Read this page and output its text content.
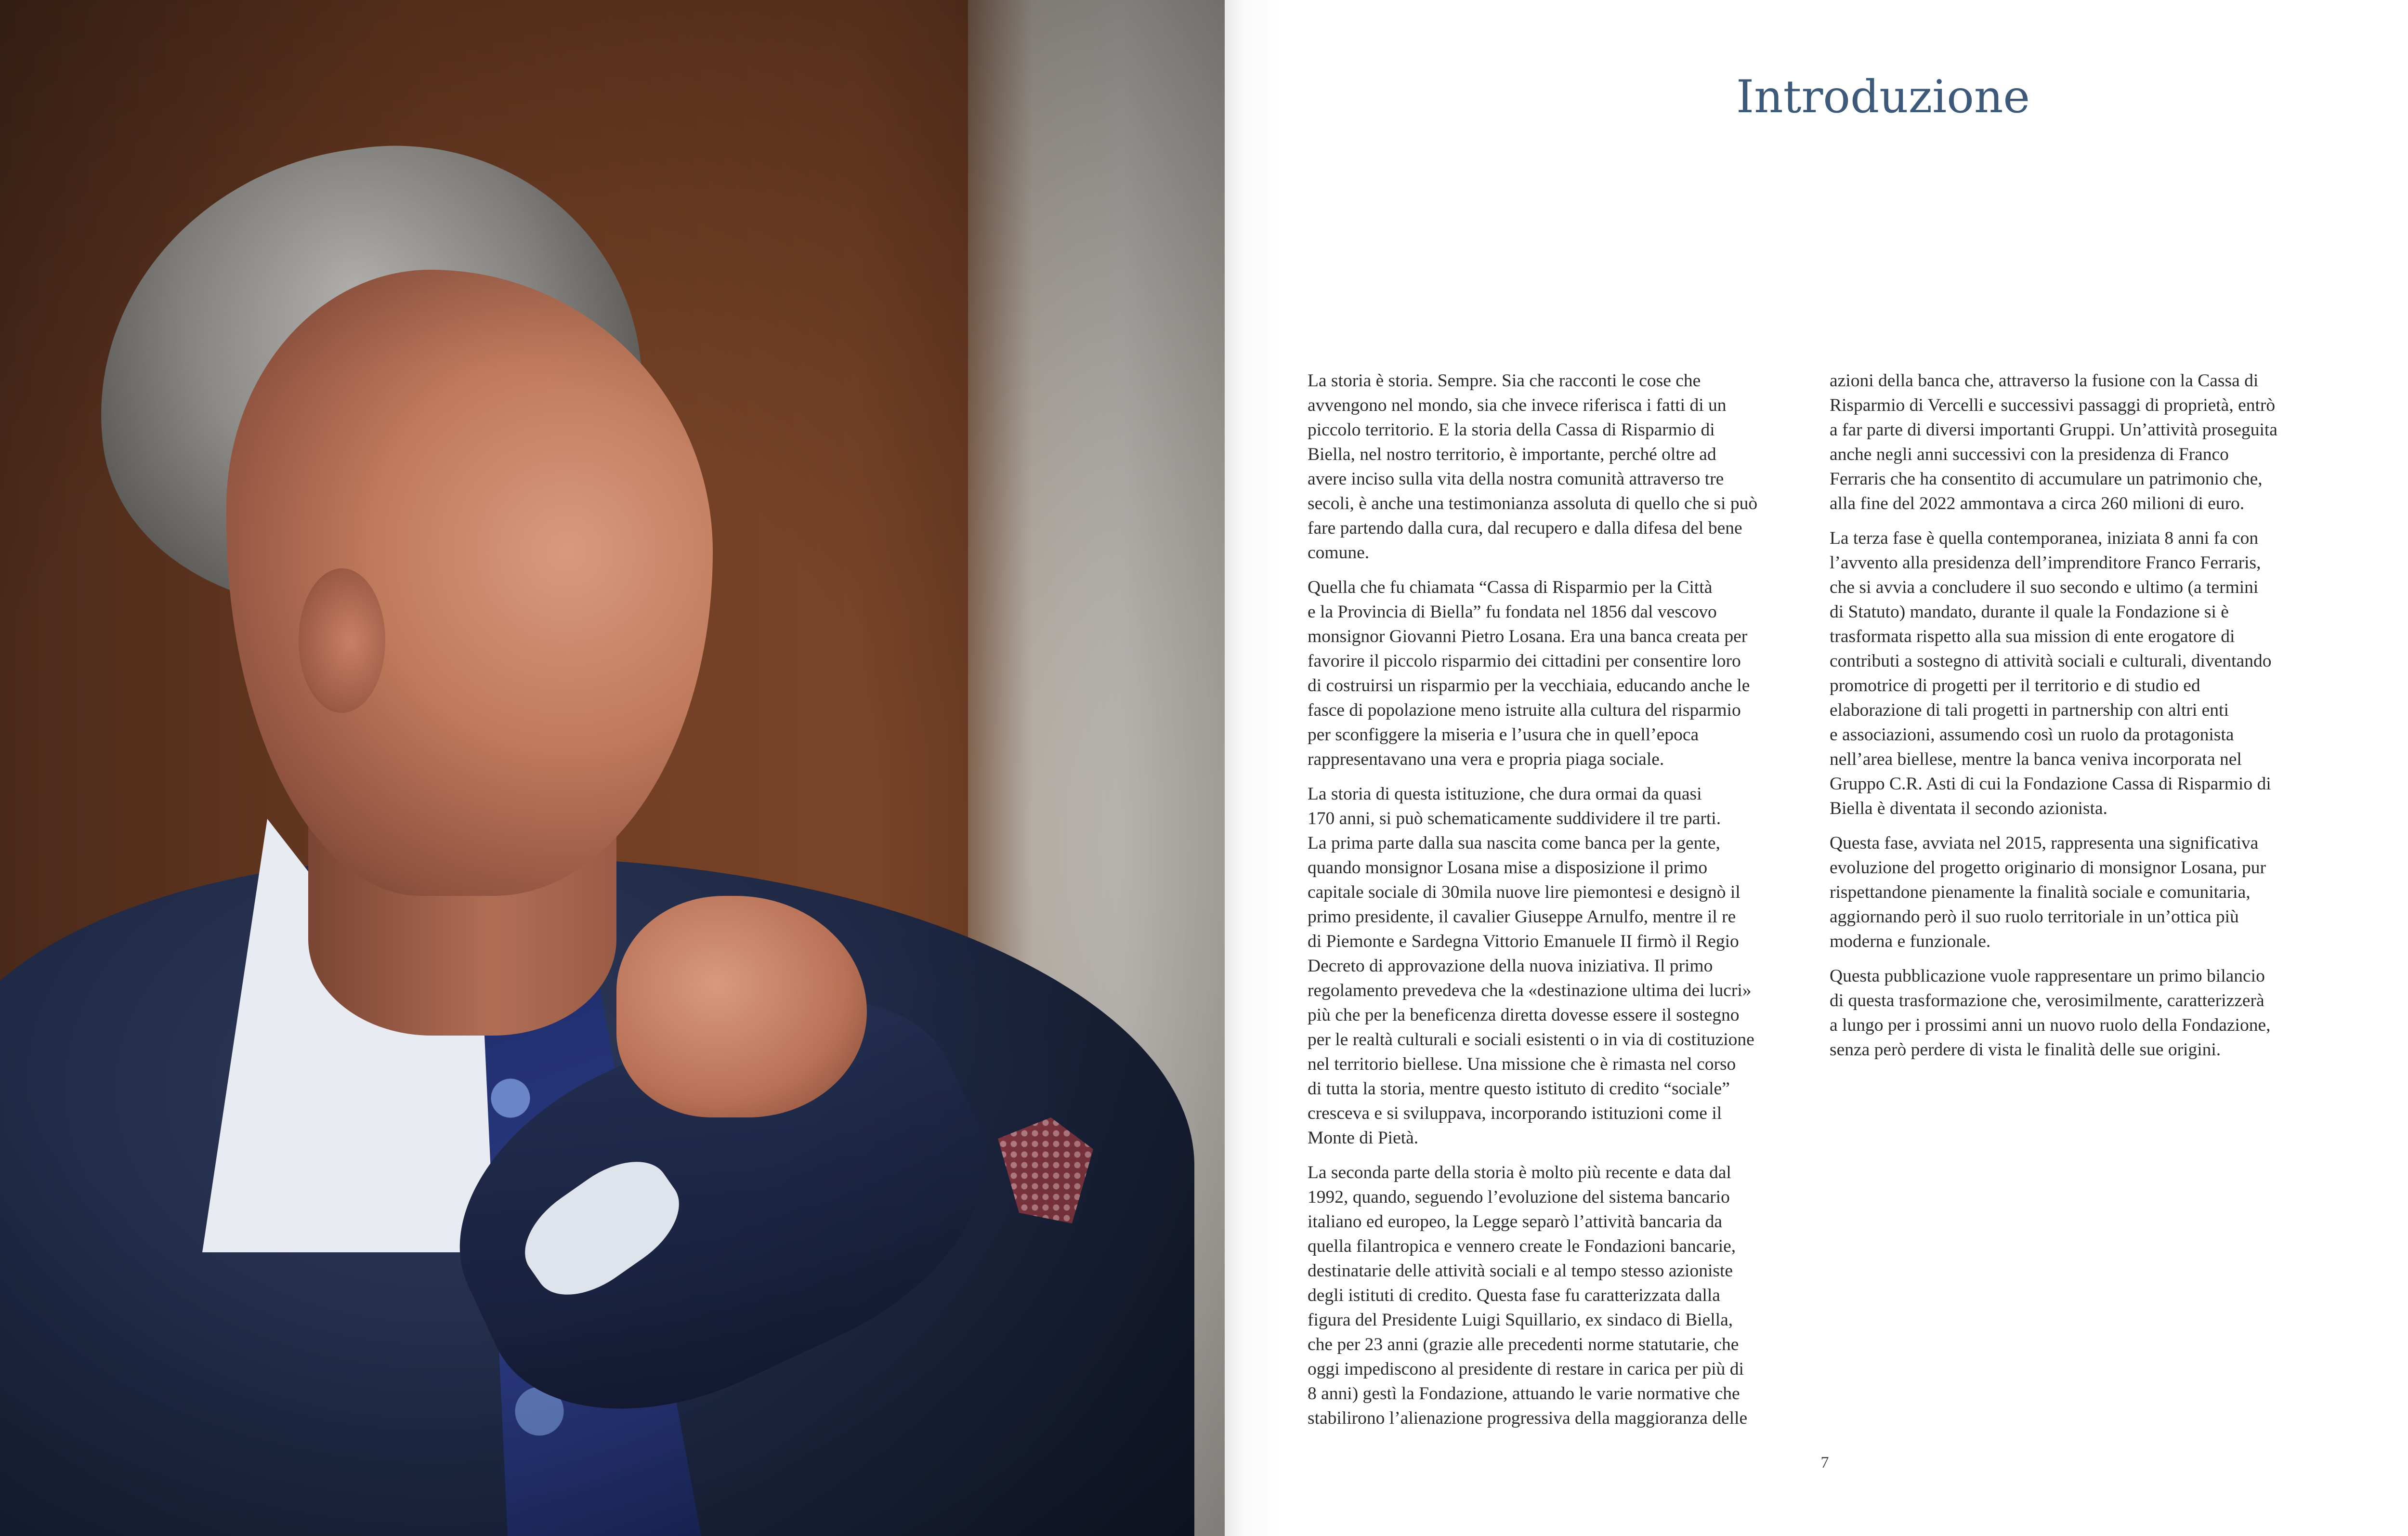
Introduzione

La storia è storia. Sempre. Sia che racconti le cose che
avvengono nel mondo, sia che invece riferisca i fatti di un
piccolo territorio. E la storia della Cassa di Risparmio di
Biella, nel nostro territorio, è importante, perché oltre ad
avere inciso sulla vita della nostra comunità attraverso tre
secoli, è anche una testimonianza assoluta di quello che si può
fare partendo dalla cura, dal recupero e dalla difesa del bene
comune.

Quella che fu chiamata “Cassa di Risparmio per la Città
e la Provincia di Biella” fu fondata nel 1856 dal vescovo
monsignor Giovanni Pietro Losana. Era una banca creata per
favorire il piccolo risparmio dei cittadini per consentire loro
di costruirsi un risparmio per la vecchiaia, educando anche le
fasce di popolazione meno istruite alla cultura del risparmio
per sconfiggere la miseria e l’usura che in quell’epoca
rappresentavano una vera e propria piaga sociale.

La storia di questa istituzione, che dura ormai da quasi
170 anni, si può schematicamente suddividere il tre parti.
La prima parte dalla sua nascita come banca per la gente,
quando monsignor Losana mise a disposizione il primo
capitale sociale di 30mila nuove lire piemontesi e designò il
primo presidente, il cavalier Giuseppe Arnulfo, mentre il re
di Piemonte e Sardegna Vittorio Emanuele II firmò il Regio
Decreto di approvazione della nuova iniziativa. Il primo
regolamento prevedeva che la «destinazione ultima dei lucri»
più che per la beneficenza diretta dovesse essere il sostegno
per le realtà culturali e sociali esistenti o in via di costituzione
nel territorio biellese. Una missione che è rimasta nel corso
di tutta la storia, mentre questo istituto di credito “sociale”
cresceva e si sviluppava, incorporando istituzioni come il
Monte di Pietà.

La seconda parte della storia è molto più recente e data dal
1992, quando, seguendo l’evoluzione del sistema bancario
italiano ed europeo, la Legge separò l’attività bancaria da
quella filantropica e vennero create le Fondazioni bancarie,
destinatarie delle attività sociali e al tempo stesso azioniste
degli istituti di credito. Questa fase fu caratterizzata dalla
figura del Presidente Luigi Squillario, ex sindaco di Biella,
che per 23 anni (grazie alle precedenti norme statutarie, che
oggi impediscono al presidente di restare in carica per più di
8 anni) gestì la Fondazione, attuando le varie normative che
stabilirono l’alienazione progressiva della maggioranza delle

azioni della banca che, attraverso la fusione con la Cassa di
Risparmio di Vercelli e successivi passaggi di proprietà, entrò
a far parte di diversi importanti Gruppi. Un’attività proseguita
anche negli anni successivi con la presidenza di Franco
Ferraris che ha consentito di accumulare un patrimonio che,
alla fine del 2022 ammontava a circa 260 milioni di euro.

La terza fase è quella contemporanea, iniziata 8 anni fa con
l’avvento alla presidenza dell’imprenditore Franco Ferraris,
che si avvia a concludere il suo secondo e ultimo (a termini
di Statuto) mandato, durante il quale la Fondazione si è
trasformata rispetto alla sua mission di ente erogatore di
contributi a sostegno di attività sociali e culturali, diventando
promotrice di progetti per il territorio e di studio ed
elaborazione di tali progetti in partnership con altri enti
e associazioni, assumendo così un ruolo da protagonista
nell’area biellese, mentre la banca veniva incorporata nel
Gruppo C.R. Asti di cui la Fondazione Cassa di Risparmio di
Biella è diventata il secondo azionista.

Questa fase, avviata nel 2015, rappresenta una significativa
evoluzione del progetto originario di monsignor Losana, pur
rispettandone pienamente la finalità sociale e comunitaria,
aggiornando però il suo ruolo territoriale in un’ottica più
moderna e funzionale.

Questa pubblicazione vuole rappresentare un primo bilancio
di questa trasformazione che, verosimilmente, caratterizzerà
a lungo per i prossimi anni un nuovo ruolo della Fondazione,
senza però perdere di vista le finalità delle sue origini.

7
